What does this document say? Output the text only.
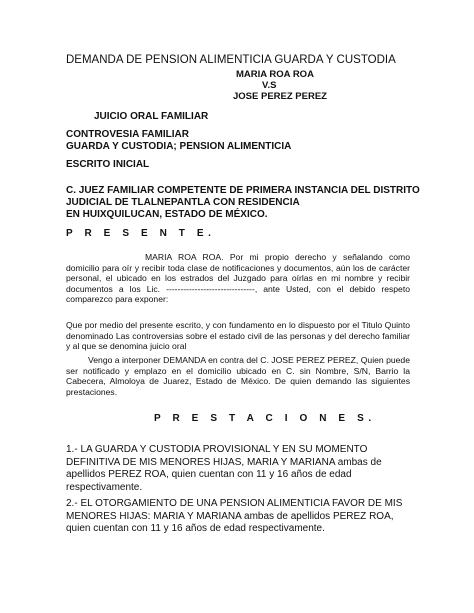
DEMANDA DE PENSION ALIMENTICIA GUARDA Y CUSTODIA
MARIA ROA ROA
V.S
JOSE PEREZ PEREZ
JUICIO ORAL FAMILIAR
CONTROVESIA FAMILIAR
GUARDA Y CUSTODIA; PENSION ALIMENTICIA
ESCRITO INICIAL
C. JUEZ FAMILIAR COMPETENTE DE PRIMERA INSTANCIA DEL DISTRITO
JUDICIAL DE TLALNEPANTLA CON RESIDENCIA
EN HUIXQUILUCAN, ESTADO DE MÉXICO.
P R E S E N T E.
MARIA ROA ROA. Por mi propio derecho y señalando como domicilio para oír y recibir toda clase de notificaciones y documentos, aún los de carácter personal, el ubicado en los estrados del Juzgado para oírlas en mi nombre y recibir documentos a los Lic. -------------------------------, ante Usted, con el debido respeto comparezco para exponer:
Que por medio del presente escrito, y con fundamento en lo dispuesto por el Titulo Quinto denominado Las controversias sobre el estado civil de las personas y del derecho familiar y al que se denomina juicio oral
Vengo a interponer DEMANDA en contra del C. JOSE PEREZ PEREZ, Quien puede ser notificado y emplazo en el domicilio ubicado en C. sin Nombre, S/N, Barrio la Cabecera, Almoloya de Juarez, Estado de México. De quien demando las siguientes prestaciones.
P R E S T A C I O N E S.
1.- LA GUARDA Y CUSTODIA PROVISIONAL Y EN SU MOMENTO DEFINITIVA DE MIS MENORES HIJAS, MARIA Y MARIANA ambas de apellidos PEREZ ROA, quien cuentan con 11 y 16 años de edad respectivamente.
2.- EL OTORGAMIENTO DE UNA PENSION ALIMENTICIA FAVOR DE MIS MENORES HIJAS: MARIA Y MARIANA ambas de apellidos PEREZ ROA, quien cuentan con 11 y 16 años de edad respectivamente.
